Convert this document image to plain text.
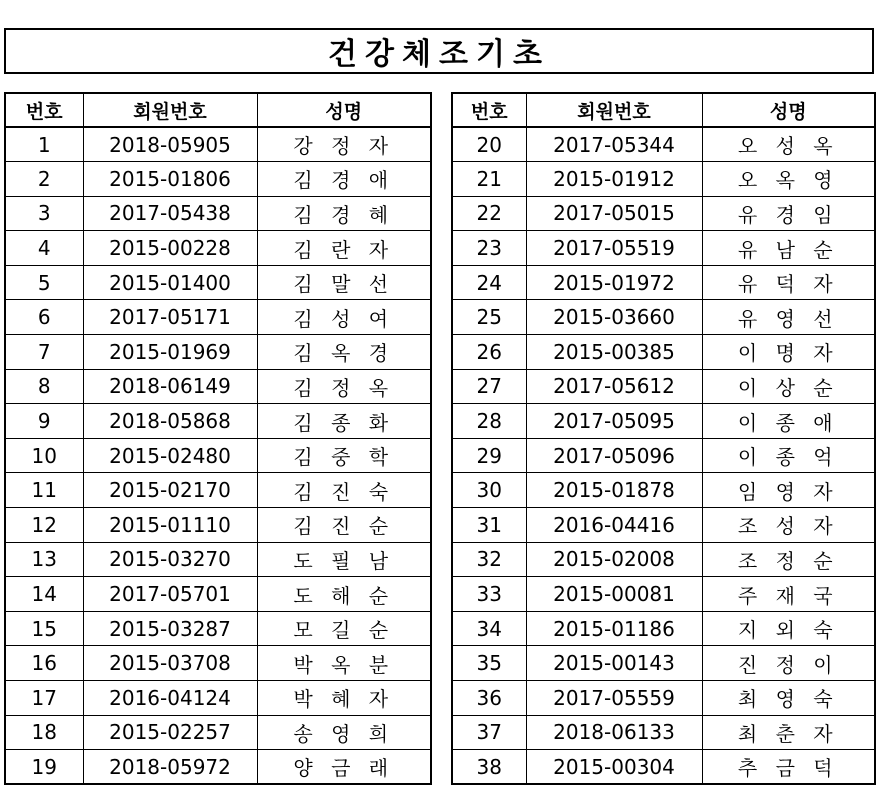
건강체조기초
번호	회원번호	성명
1	2018-05905	강 정 자
2	2015-01806	김 경 애
3	2017-05438	김 경 혜
4	2015-00228	김 란 자
5	2015-01400	김 말 선
6	2017-05171	김 성 여
7	2015-01969	김 옥 경
8	2018-06149	김 정 옥
9	2018-05868	김 종 화
10	2015-02480	김 중 학
11	2015-02170	김 진 숙
12	2015-01110	김 진 순
13	2015-03270	도 필 남
14	2017-05701	도 해 순
15	2015-03287	모 길 순
16	2015-03708	박 옥 분
17	2016-04124	박 혜 자
18	2015-02257	송 영 희
19	2018-05972	양 금 래
번호	회원번호	성명
20	2017-05344	오 성 옥
21	2015-01912	오 옥 영
22	2017-05015	유 경 임
23	2017-05519	유 남 순
24	2015-01972	유 덕 자
25	2015-03660	유 영 선
26	2015-00385	이 명 자
27	2017-05612	이 상 순
28	2017-05095	이 종 애
29	2017-05096	이 종 억
30	2015-01878	임 영 자
31	2016-04416	조 성 자
32	2015-02008	조 정 순
33	2015-00081	주 재 국
34	2015-01186	지 외 숙
35	2015-00143	진 정 이
36	2017-05559	최 영 숙
37	2018-06133	최 춘 자
38	2015-00304	추 금 덕
